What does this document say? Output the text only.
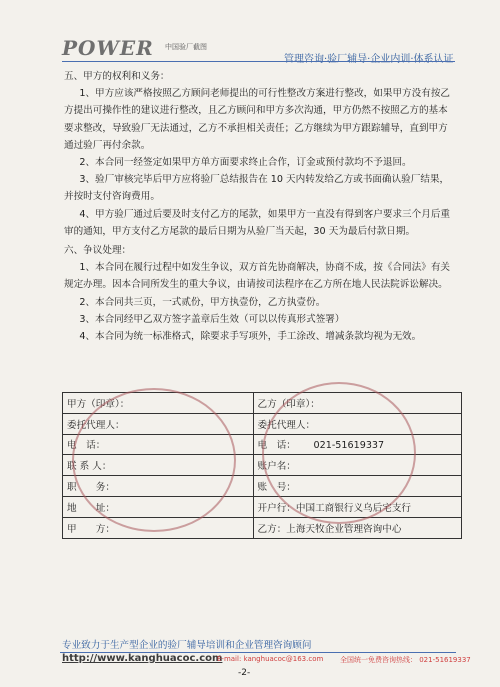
POWER 中国验厂截图
管理咨询·验厂辅导·企业内训·体系认证

五、甲方的权利和义务：

1、甲方应该严格按照乙方顾问老师提出的可行性整改方案进行整改，如果甲方没有按乙方提出可操作性的建议进行整改，且乙方顾问和甲方多次沟通，甲方仍然不按照乙方的基本要求整改，导致验厂无法通过，乙方不承担相关责任；乙方继续为甲方跟踪辅导，直到甲方通过验厂再付余款。

2、本合同一经签定如果甲方单方面要求终止合作，订金或预付款均不予退回。

3、验厂审核完毕后甲方应将验厂总结报告在 10 天内转发给乙方或书面确认验厂结果，并按时支付咨询费用。

4、甲方验厂通过后要及时支付乙方的尾款，如果甲方一直没有得到客户要求三个月后重审的通知，甲方支付乙方尾款的最后日期为从验厂当天起，30 天为最后付款日期。

六、争议处理：

1、本合同在履行过程中如发生争议，双方首先协商解决，协商不成，按《合同法》有关规定办理。因本合同所发生的重大争议，由请按司法程序在乙方所在地人民法院诉讼解决。

2、本合同共三页，一式贰份，甲方执壹份，乙方执壹份。

3、本合同经甲乙双方签字盖章后生效（可以以传真形式签署）

4、本合同为统一标准格式，除要求手写项外，手工涂改、增减条款均视为无效。

甲方（印章）：	乙方（印章）：
委托代理人：	委托代理人：
电　话：	电　话： 021-51619337
联 系 人：	账户名：
职　　务：	账　号：
地　　址：	开户行：中国工商银行义乌后宅支行
甲　　方：	乙方：上海天牧企业管理咨询中心
专业致力于生产型企业的验厂辅导培训和企业管理咨询顾问
http://www.kanghuacoc.com
E-mail: kanghuacoc@163.com 全国统一免费咨询热线： 021-51619337
-2-
